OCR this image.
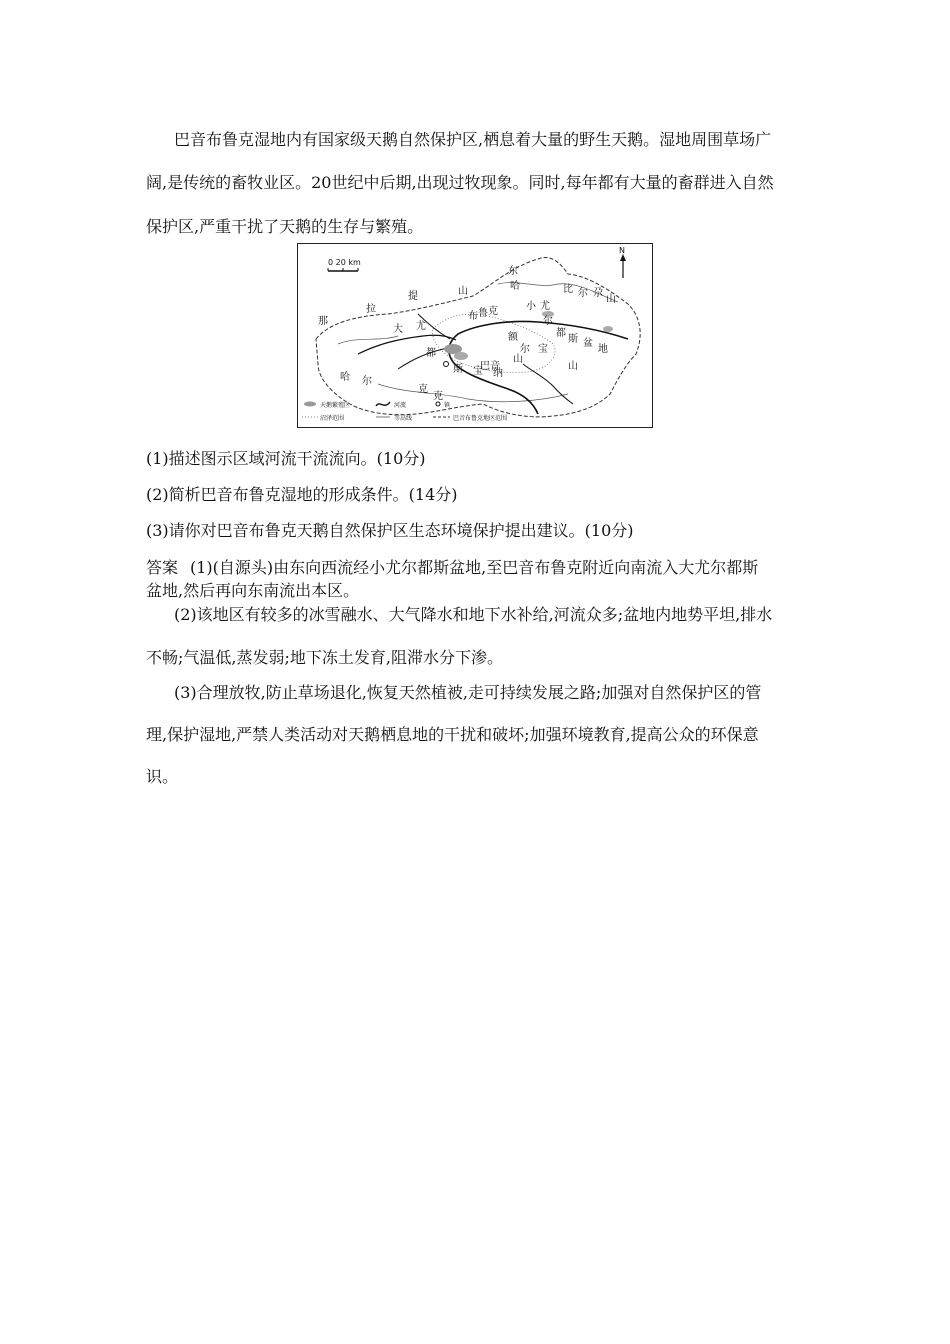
巴音布鲁克湿地内有国家级天鹅自然保护区,栖息着大量的野生天鹅。湿地周围草场广
阔,是传统的畜牧业区。20世纪中后期,出现过牧现象。同时,每年都有大量的畜群进入自然
保护区,严重干扰了天鹅的生存与繁殖。
0 20 km
N
提	山
拉
大 尤
那
哈 尔
都
斯 巴 音
布 鲁 克
东
哈	比 尔 尕
山
小 尤
尔
都
斯 盆
地
克
山
额
尔 宝
山
克
宝 纳
天鹅繁殖区	河流	镇
沼泽范围	等高线	巴音布鲁克地区范围
(1)描述图示区域河流干流流向。(10分)
(2)简析巴音布鲁克湿地的形成条件。(14分)
(3)请你对巴音布鲁克天鹅自然保护区生态环境保护提出建议。(10分)
答案 (1)(自源头)由东向西流经小尤尔都斯盆地,至巴音布鲁克附近向南流入大尤尔都斯
盆地,然后再向东南流出本区。
(2)该地区有较多的冰雪融水、大气降水和地下水补给,河流众多;盆地内地势平坦,排水
不畅;气温低,蒸发弱;地下冻土发育,阻滞水分下渗。
(3)合理放牧,防止草场退化,恢复天然植被,走可持续发展之路;加强对自然保护区的管
理,保护湿地,严禁人类活动对天鹅栖息地的干扰和破坏;加强环境教育,提高公众的环保意
识。
